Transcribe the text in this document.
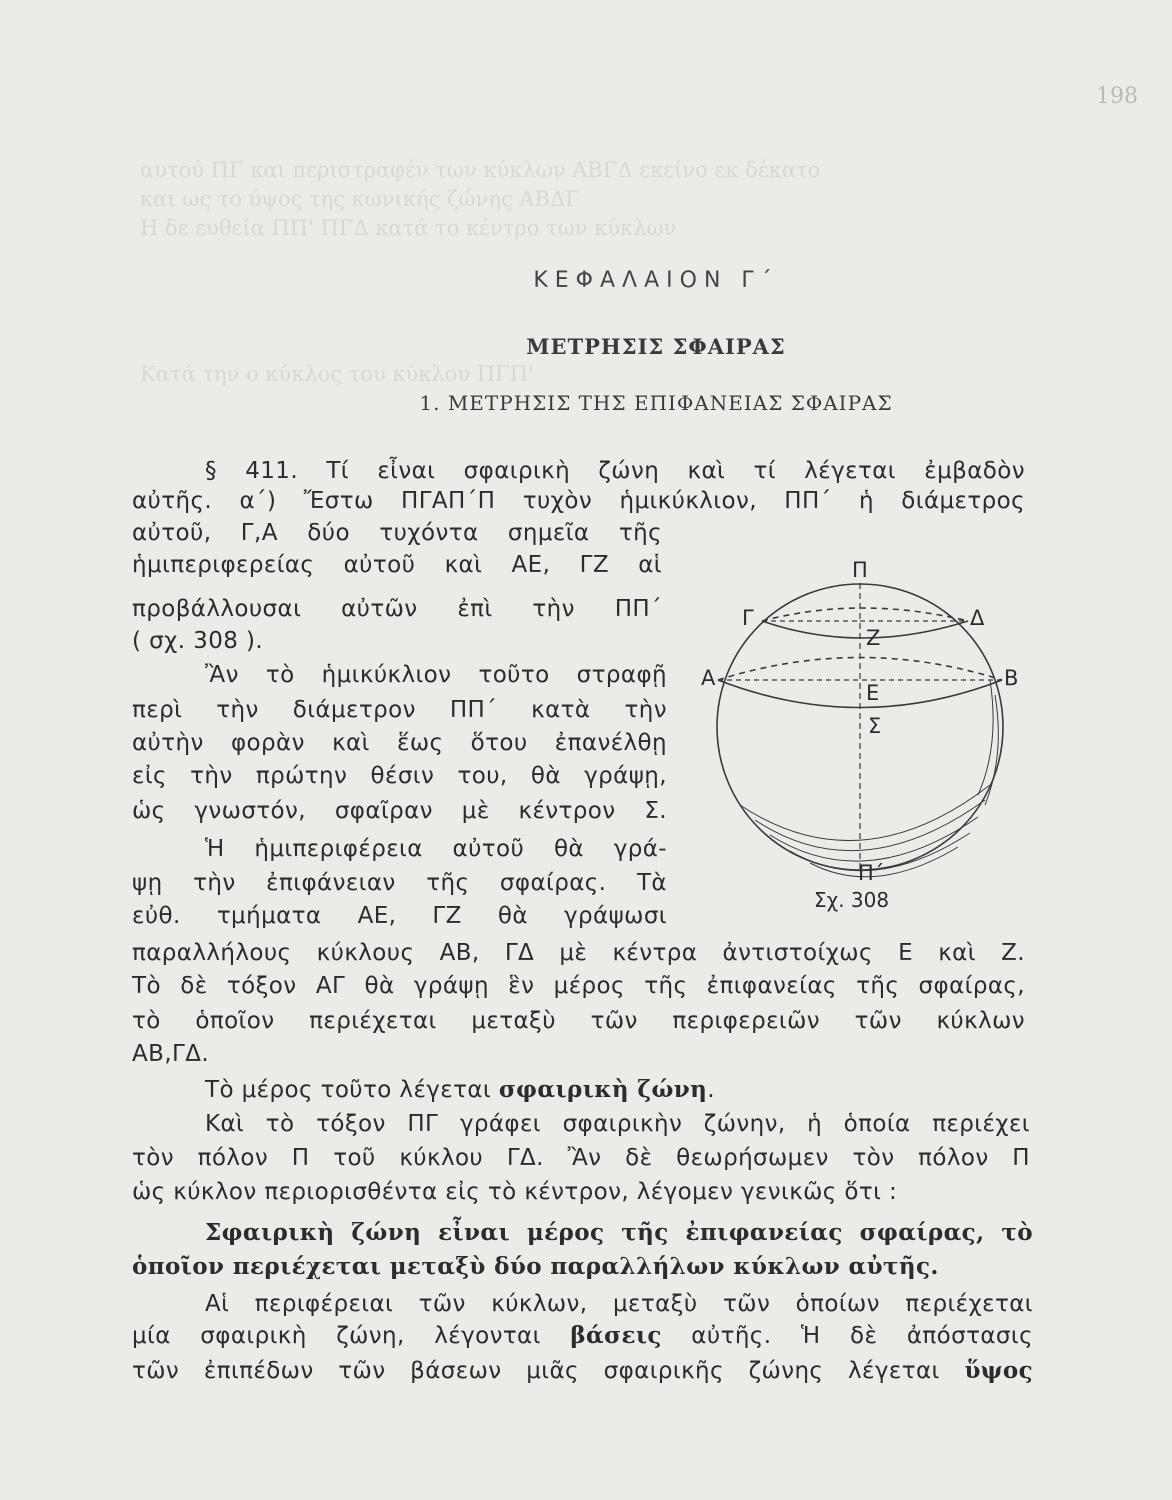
198
αυτού ΠΓ και περιστραφέν των κύκλων ΑΒΓΔ εκείνο εκ δέκατο
και ως το ύψος της κωνικής ζώνης ΑΒΔΓ
Η δε ευθεία ΠΠ' ΠΓΔ κατά το κέντρο των κύκλων
Κατά την ο κύκλος του κύκλου ΠΓΠ'
ΚΕΦΑΛΑΙΟΝ Γ΄
ΜΕΤΡΗΣΙΣ ΣΦΑΙΡΑΣ
1. ΜΕΤΡΗΣΙΣ ΤΗΣ ΕΠΙΦΑΝΕΙΑΣ ΣΦΑΙΡΑΣ
§ 411. Τί εἶναι σφαιρικὴ ζώνη καὶ τί λέγεται ἐμβαδὸν
αὐτῆς. α΄) Ἔστω ΠΓΑΠ΄Π τυχὸν ἡμικύκλιον, ΠΠ΄ ἡ διάμετρος
αὐτοῦ, Γ,Α δύο τυχόντα σημεῖα τῆς
ἡμιπεριφερείας αὐτοῦ καὶ ΑΕ, ΓΖ αἱ
προβάλλουσαι αὐτῶν ἐπὶ τὴν ΠΠ΄
( σχ. 308 ).
Ἂν τὸ ἡμικύκλιον τοῦτο στραφῇ
περὶ τὴν διάμετρον ΠΠ΄ κατὰ τὴν
αὐτὴν φορὰν καὶ ἕως ὅτου ἐπανέλθῃ
εἰς τὴν πρώτην θέσιν του, θὰ γράψῃ,
ὡς γνωστόν, σφαῖραν μὲ κέντρον Σ.
Ἡ ἡμιπεριφέρεια αὐτοῦ θὰ γρά-
ψῃ τὴν ἐπιφάνειαν τῆς σφαίρας. Τὰ
εὐθ. τμήματα ΑΕ, ΓΖ θὰ γράψωσι
παραλλήλους κύκλους ΑΒ, ΓΔ μὲ κέντρα ἀντιστοίχως Ε καὶ Ζ.
Τὸ δὲ τόξον ΑΓ θὰ γράψῃ ἓν μέρος τῆς ἐπιφανείας τῆς σφαίρας,
τὸ ὁποῖον περιέχεται μεταξὺ τῶν περιφερειῶν τῶν κύκλων
ΑΒ,ΓΔ.
Τὸ μέρος τοῦτο λέγεται σφαιρικὴ ζώνη.
Καὶ τὸ τόξον ΠΓ γράφει σφαιρικὴν ζώνην, ἡ ὁποία περιέχει
τὸν πόλον Π τοῦ κύκλου ΓΔ. Ἂν δὲ θεωρήσωμεν τὸν πόλον Π
ὡς κύκλον περιορισθέντα εἰς τὸ κέντρον, λέγομεν γενικῶς ὅτι :
Σφαιρικὴ ζώνη εἶναι μέρος τῆς ἐπιφανείας σφαίρας, τὸ
ὁποῖον περιέχεται μεταξὺ δύο παραλλήλων κύκλων αὐτῆς.
Αἱ περιφέρειαι τῶν κύκλων, μεταξὺ τῶν ὁποίων περιέχεται
μία σφαιρικὴ ζώνη, λέγονται βάσεις αὐτῆς. Ἡ δὲ ἀπόστασις
τῶν ἐπιπέδων τῶν βάσεων μιᾶς σφαιρικῆς ζώνης λέγεται ὕψος
Π
Γ	Δ
Ζ
Α	Β
Ε
Σ
Π΄
Σχ. 308
